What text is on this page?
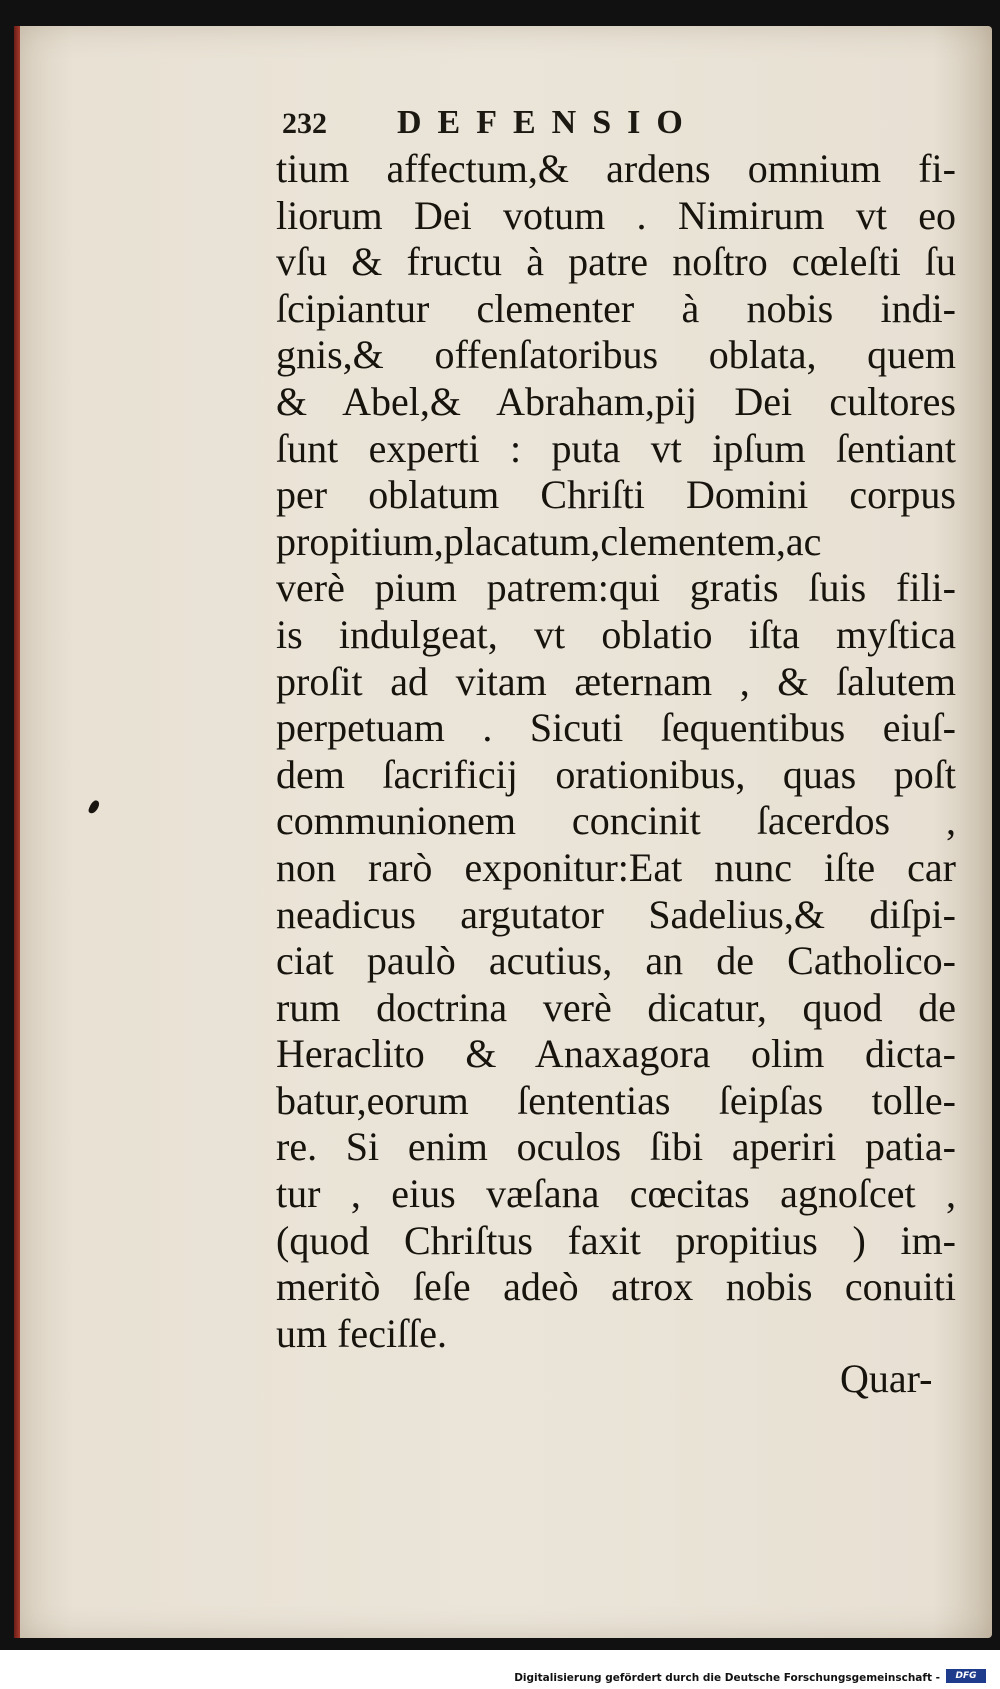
232 DEFENSIO
tium affectum,& ardens omnium fi-
liorum Dei votum . Nimirum vt eo
vſu & fructu à patre noſtro cœleſti ſu
ſcipiantur clementer à nobis indi-
gnis,& offenſatoribus oblata, quem
& Abel,& Abraham,pij Dei cultores
ſunt experti : puta vt ipſum ſentiant
per oblatum Chriſti Domini corpus
propitium,placatum,clementem,ac
verè pium patrem:qui gratis ſuis fili-
is indulgeat, vt oblatio iſta myſtica
proſit ad vitam æternam , & ſalutem
perpetuam . Sicuti ſequentibus eiuſ-
dem ſacrificij orationibus, quas poſt
communionem concinit ſacerdos ,
non rarò exponitur:Eat nunc iſte car
neadicus argutator Sadelius,& diſpi-
ciat paulò acutius, an de Catholico-
rum doctrina verè dicatur, quod de
Heraclito & Anaxagora olim dicta-
batur,eorum ſententias ſeipſas tolle-
re. Si enim oculos ſibi aperiri patia-
tur , eius væſana cœcitas agnoſcet ,
(quod Chriſtus faxit propitius ) im-
meritò ſeſe adeò atrox nobis conuiti
um feciſſe.
Quar-
Digitalisierung gefördert durch die Deutsche Forschungsgemeinschaft -	DFG
